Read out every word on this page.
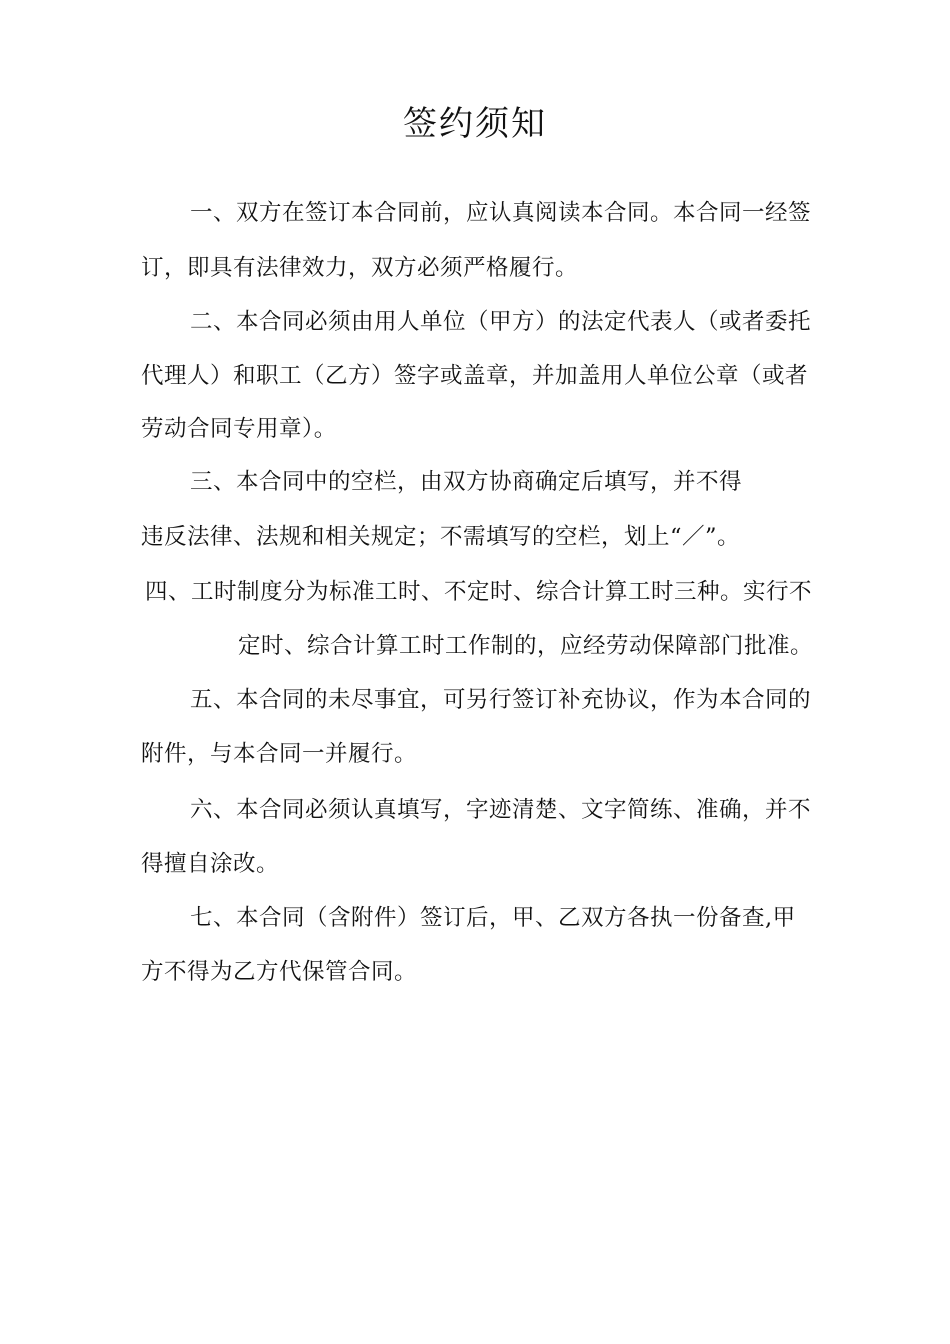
签约须知
一、双方在签订本合同前，应认真阅读本合同。本合同一经签
订，即具有法律效力，双方必须严格履行。
二、本合同必须由用人单位（甲方）的法定代表人（或者委托
代理人）和职工（乙方）签字或盖章，并加盖用人单位公章（或者
劳动合同专用章）。
三、本合同中的空栏，由双方协商确定后填写，并不得
违反法律、法规和相关规定；不需填写的空栏，划上“／”。
四、工时制度分为标准工时、不定时、综合计算工时三种。实行不
定时、综合计算工时工作制的，应经劳动保障部门批准。
五、本合同的未尽事宜，可另行签订补充协议，作为本合同的
附件，与本合同一并履行。
六、本合同必须认真填写，字迹清楚、文字简练、准确，并不
得擅自涂改。
七、本合同（含附件）签订后，甲、乙双方各执一份备查,甲
方不得为乙方代保管合同。
